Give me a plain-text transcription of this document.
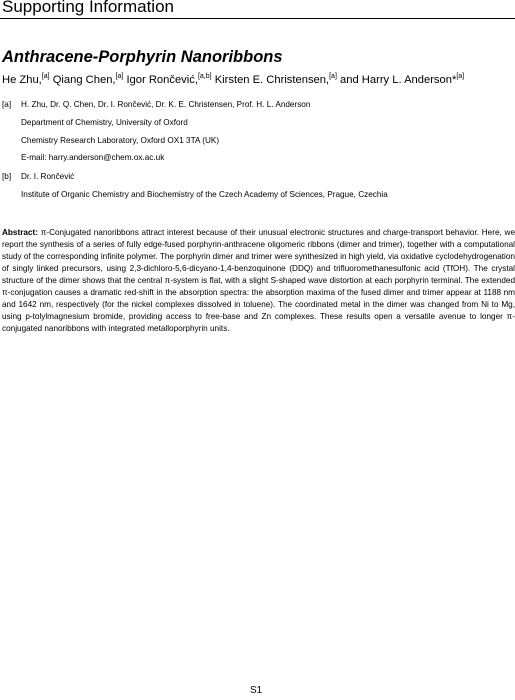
Supporting Information
Anthracene-Porphyrin Nanoribbons
He Zhu,[a] Qiang Chen,[a] Igor Rončević,[a,b] Kirsten E. Christensen,[a] and Harry L. Anderson*[a]
[a] H. Zhu, Dr. Q. Chen, Dr. I. Rončević, Dr. K. E. Christensen, Prof. H. L. Anderson
Department of Chemistry, University of Oxford
Chemistry Research Laboratory, Oxford OX1 3TA (UK)
E-mail: harry.anderson@chem.ox.ac.uk
[b] Dr. I. Rončević
Institute of Organic Chemistry and Biochemistry of the Czech Academy of Sciences, Prague, Czechia
Abstract: π-Conjugated nanoribbons attract interest because of their unusual electronic structures and charge-transport behavior. Here, we report the synthesis of a series of fully edge-fused porphyrin-anthracene oligomeric ribbons (dimer and trimer), together with a computational study of the corresponding infinite polymer. The porphyrin dimer and trimer were synthesized in high yield, via oxidative cyclodehydrogenation of singly linked precursors, using 2,3-dichloro-5,6-dicyano-1,4-benzoquinone (DDQ) and trifluoromethanesulfonic acid (TfOH). The crystal structure of the dimer shows that the central π-system is flat, with a slight S-shaped wave distortion at each porphyrin terminal. The extended π-conjugation causes a dramatic red-shift in the absorption spectra: the absorption maxima of the fused dimer and trimer appear at 1188 nm and 1642 nm, respectively (for the nickel complexes dissolved in toluene). The coordinated metal in the dimer was changed from Ni to Mg, using p-tolylmagnesium bromide, providing access to free-base and Zn complexes. These results open a versatile avenue to longer π-conjugated nanoribbons with integrated metalloporphyrin units.
S1
